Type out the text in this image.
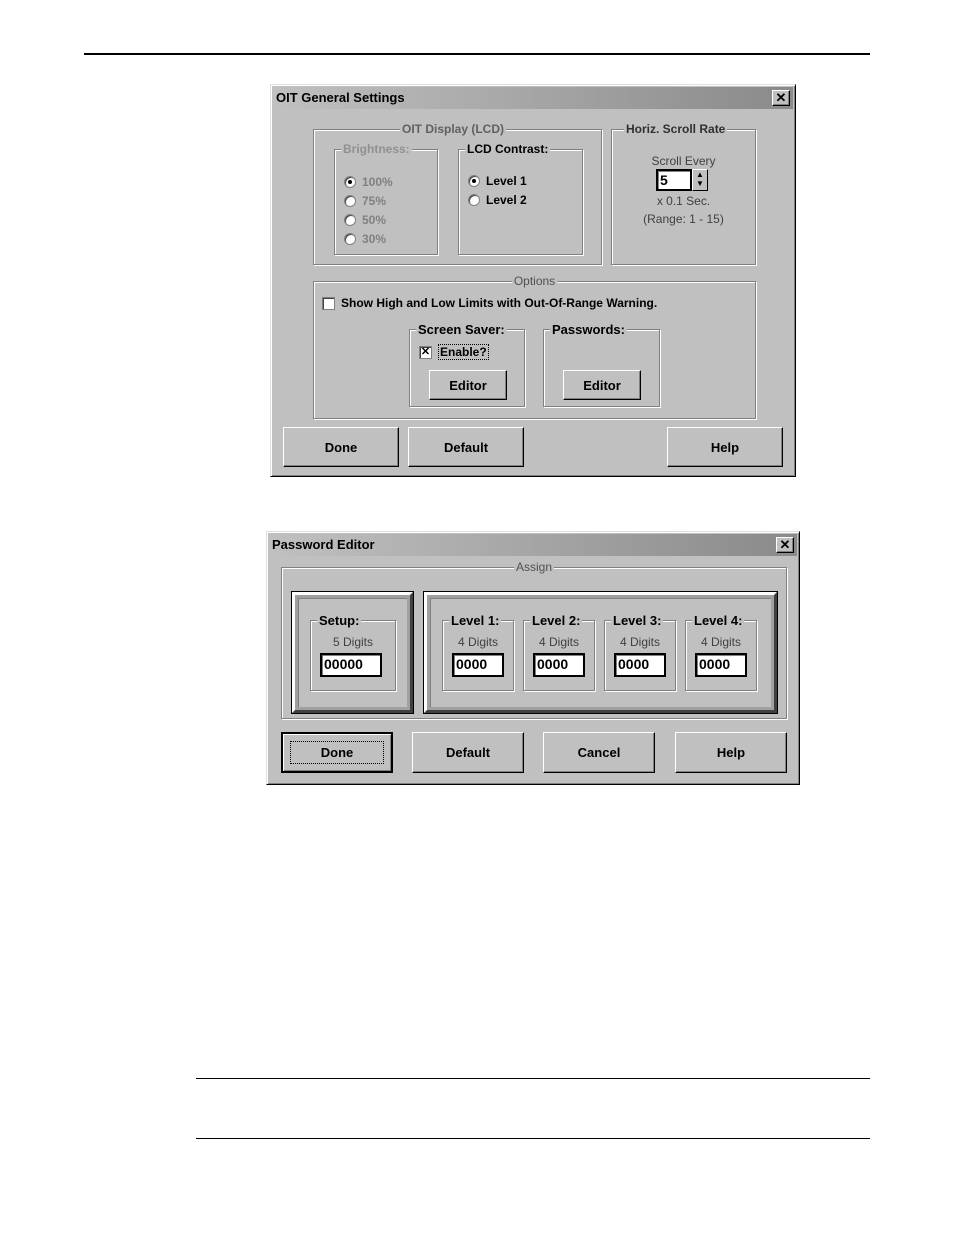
OIT General Settings	✕
OIT Display (LCD)
Brightness:
100%
75%
50%
30%
LCD Contrast:
Level 1
Level 2
Horiz. Scroll Rate
Scroll Every
5	▲
▼
x 0.1 Sec.
(Range: 1 - 15)
Options
Show High and Low Limits with Out-Of-Range Warning.
Screen Saver:
✕ Enable?
Editor
Passwords:
Editor
Done	Default	Help
Password Editor	✕
Assign
Setup:
5 Digits
00000
Level 1:
4 Digits
0000
Level 2:
4 Digits
0000
Level 3:
4 Digits
0000
Level 4:
4 Digits
0000
Done	Default	Cancel	Help
